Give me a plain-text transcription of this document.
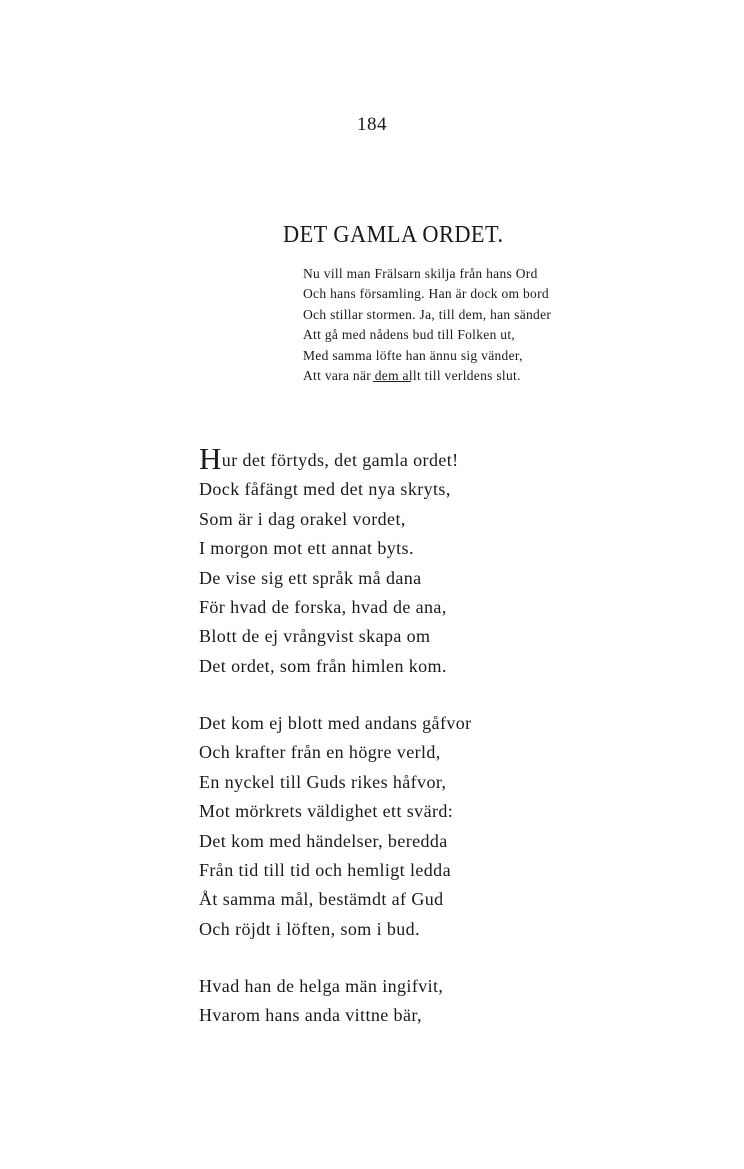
184
DET GAMLA ORDET.
Nu vill man Frälsarn skilja från hans Ord
Och hans församling. Han är dock om bord
Och stillar stormen. Ja, till dem, han sänder
Att gå med nådens bud till Folken ut,
Med samma löfte han ännu sig vänder,
Att vara när dem allt till verldens slut.
Hur det förtyds, det gamla ordet!
Dock fåfängt med det nya skryts,
Som är i dag orakel vordet,
I morgon mot ett annat byts.
De vise sig ett språk må dana
För hvad de forska, hvad de ana,
Blott de ej vrångvist skapa om
Det ordet, som från himlen kom.
Det kom ej blott med andans gåfvor
Och krafter från en högre verld,
En nyckel till Guds rikes håfvor,
Mot mörkrets väldighet ett svärd:
Det kom med händelser, beredda
Från tid till tid och hemligt ledda
Åt samma mål, bestämdt af Gud
Och röjdt i löften, som i bud.
Hvad han de helga män ingifvit,
Hvarom hans anda vittne bär,
